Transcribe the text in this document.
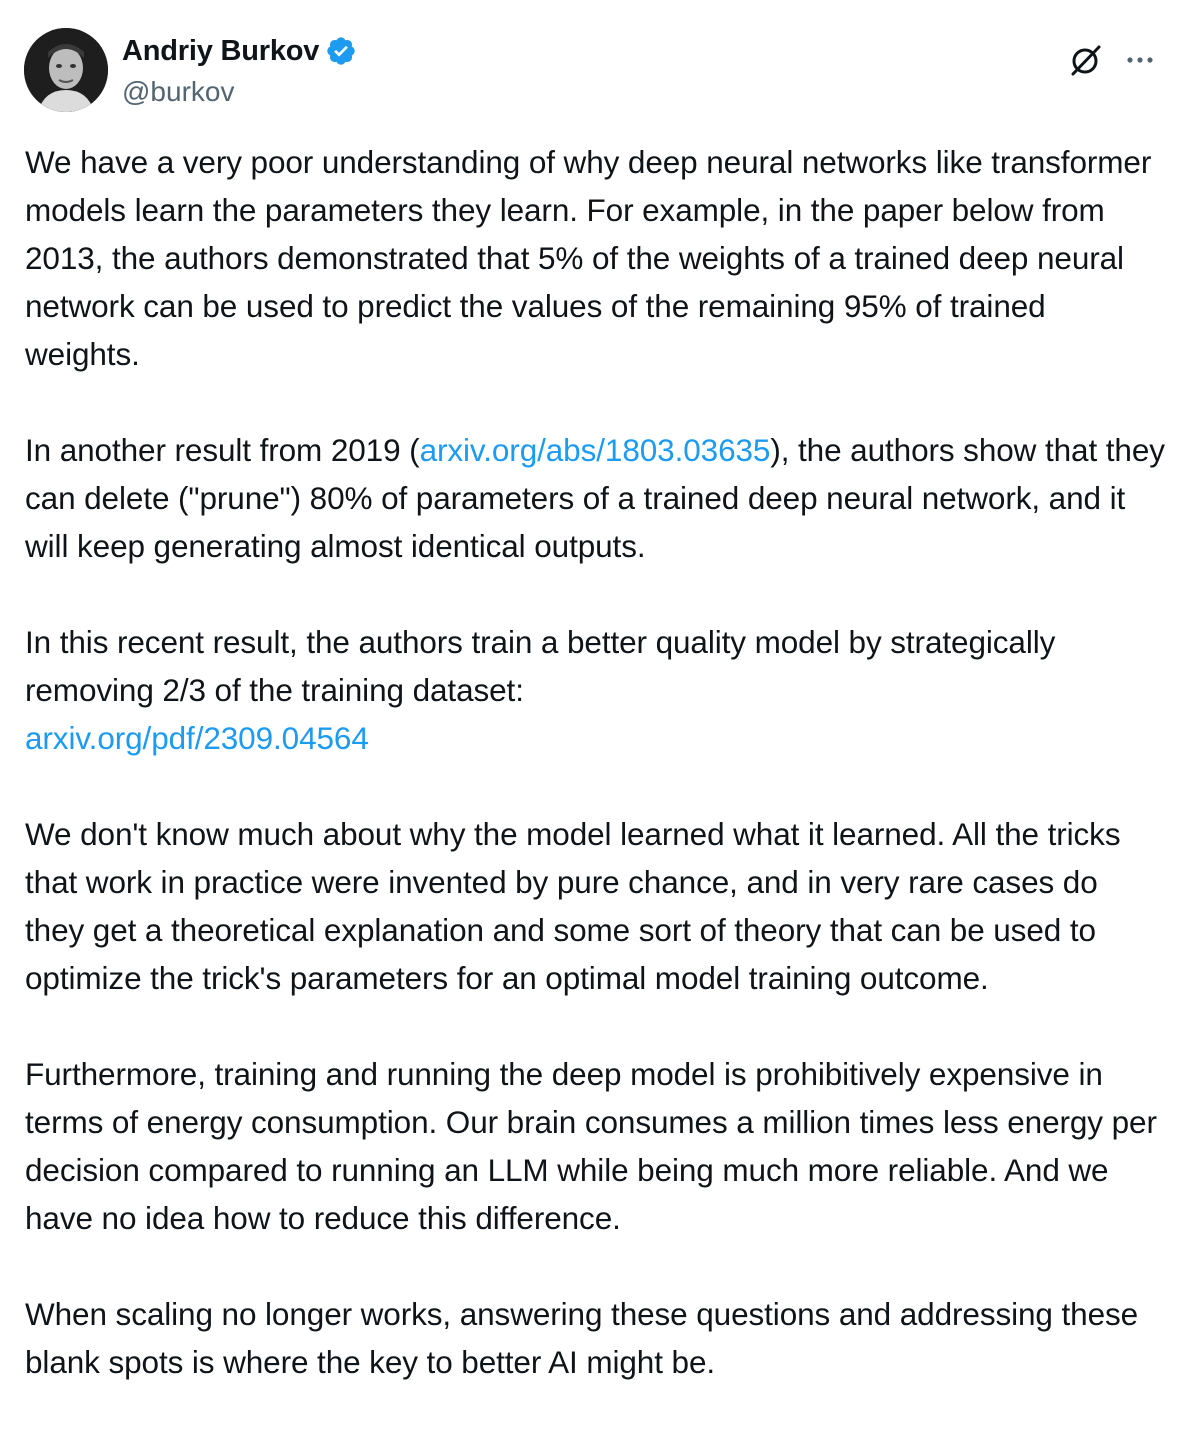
Andriy Burkov
@burkov

We have a very poor understanding of why deep neural networks like transformer models learn the parameters they learn. For example, in the paper below from 2013, the authors demonstrated that 5% of the weights of a trained deep neural network can be used to predict the values of the remaining 95% of trained weights.

In another result from 2019 (arxiv.org/abs/1803.03635), the authors show that they can delete ("prune") 80% of parameters of a trained deep neural network, and it will keep generating almost identical outputs.

In this recent result, the authors train a better quality model by strategically removing 2/3 of the training dataset:
arxiv.org/pdf/2309.04564

We don't know much about why the model learned what it learned. All the tricks that work in practice were invented by pure chance, and in very rare cases do they get a theoretical explanation and some sort of theory that can be used to optimize the trick's parameters for an optimal model training outcome.

Furthermore, training and running the deep model is prohibitively expensive in terms of energy consumption. Our brain consumes a million times less energy per decision compared to running an LLM while being much more reliable. And we have no idea how to reduce this difference.

When scaling no longer works, answering these questions and addressing these blank spots is where the key to better AI might be.
